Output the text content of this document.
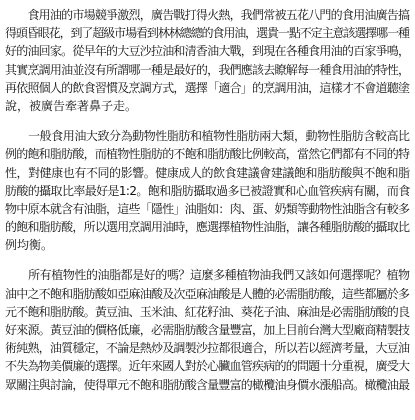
　　食用油的市場競爭激烈，廣告戰打得火熱，我們常被五花八門的食用油廣告搞
得頭昏眼花，到了超級市場看到林林總總的食用油，選貴一點不定主意該選擇哪一種
好的油回家。從早年的大豆沙拉油和清香油大戰，到現在各種食用油的百家爭鳴，
其實烹調用油並沒有所謂哪一種是最好的，我們應該去瞭解每一種食用油的特性，
再依照個人的飲食習慣及烹調方式，選擇「適合」的烹調用油，這樣才不會道聽塗
說，被廣告牽著鼻子走。

　　一般食用油大致分為動物性脂肪和植物性脂肪兩大類，動物性脂肪含較高比
例的飽和脂肪酸，而植物性脂肪的不飽和脂肪酸比例較高，當然它們都有不同的特
性，對健康也有不同的影響。健康成人的飲食建議會建議飽和脂肪酸與不飽和脂
肪酸的攝取比率最好是1:2。飽和脂肪攝取過多已被證實和心血管疾病有關，而食
物中原本就含有油脂，這些「隱性」油脂如：肉、蛋、奶類等動物性油脂含有較多
的飽和脂肪酸，所以選用烹調用油時，應選擇植物性油脂，讓各種脂肪酸的攝取比
例均衡。

　　所有植物性的油脂都是好的嗎？這麼多種植物油我們又該如何選擇呢？植物
油中之不飽和脂肪酸如亞麻油酸及次亞麻油酸是人體的必需脂肪酸，這些都屬於多
元不飽和脂肪酸。黃豆油、玉米油、紅花籽油、葵花子油、麻油是必需脂肪酸的良
好來源。黃豆油的價格低廉，必需脂肪酸含量豐富，加上目前台灣大型廠商精製技
術純熟，油質穩定，不論是熱炒及調製沙拉都很適合，所以若以經濟考量，大豆油
不失為物美價廉的選擇。近年來國人對於心臟血管疾病的的問題十分重視，廣受大
眾關注與討論，使得單元不飽和脂肪酸含量豐富的橄欖油身價水漲船高。橄欖油最
